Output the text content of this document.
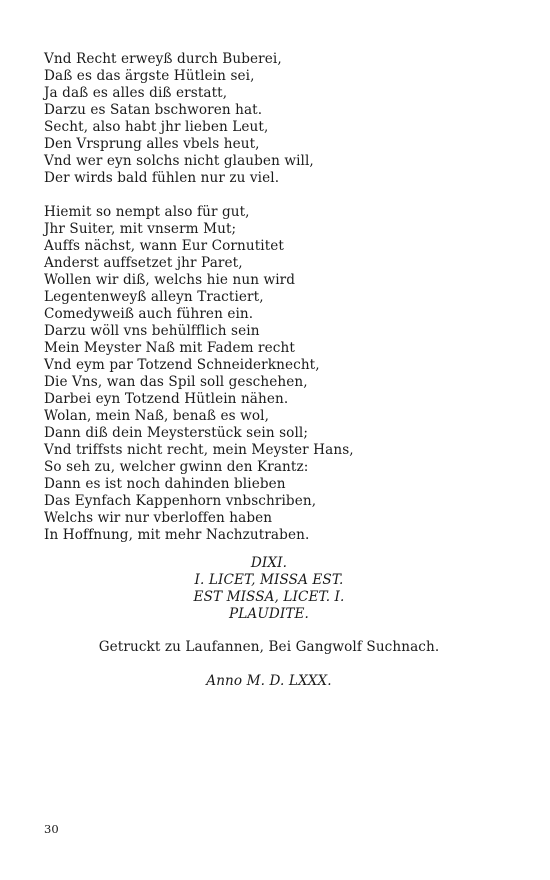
Vnd Recht erweyß durch Buberei,
Daß es das ärgste Hütlein sei,
Ja daß es alles diß erstatt,
Darzu es Satan bschworen hat.
Secht, also habt jhr lieben Leut,
Den Vrsprung alles vbels heut,
Vnd wer eyn solchs nicht glauben will,
Der wirds bald fühlen nur zu viel.
Hiemit so nempt also für gut,
Jhr Suiter, mit vnserm Mut;
Auffs nächst, wann Eur Cornutitet
Anderst auffsetzet jhr Paret,
Wollen wir diß, welchs hie nun wird
Legentenweyß alleyn Tractiert,
Comedyweiß auch führen ein.
Darzu wöll vns behülfflich sein
Mein Meyster Naß mit Fadem recht
Vnd eym par Totzend Schneiderknecht,
Die Vns, wan das Spil soll geschehen,
Darbei eyn Totzend Hütlein nähen.
Wolan, mein Naß, benaß es wol,
Dann diß dein Meysterstück sein soll;
Vnd triffsts nicht recht, mein Meyster Hans,
So seh zu, welcher gwinn den Krantz:
Dann es ist noch dahinden blieben
Das Eynfach Kappenhorn vnbschriben,
Welchs wir nur vberloffen haben
In Hoffnung, mit mehr Nachzutraben.
DIXI.
I. LICET, MISSA EST.
EST MISSA, LICET. I.
PLAUDITE.
Getruckt zu Laufannen, Bei Gangwolf Suchnach.
Anno M. D. LXXX.
30
